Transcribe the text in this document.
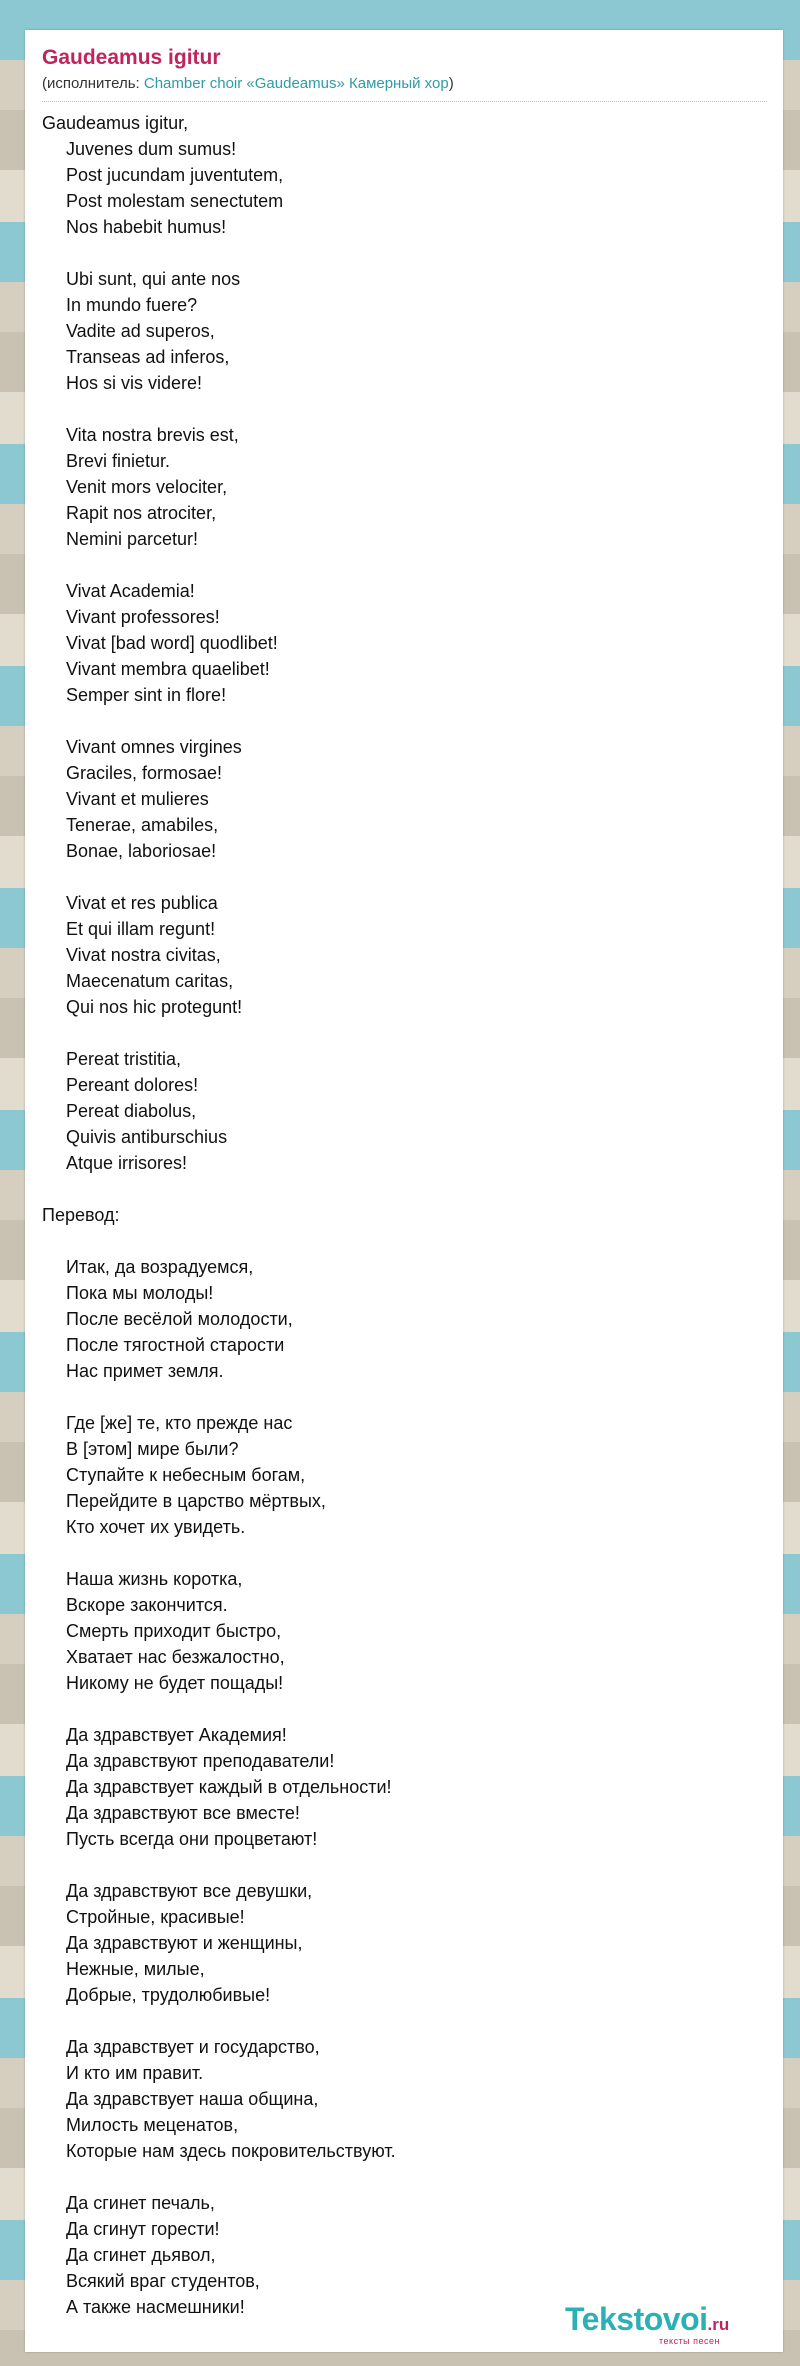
Gaudeamus igitur
(исполнитель: Chamber choir «Gaudeamus» Камерный хор)
Gaudeamus igitur,
Juvenes dum sumus!
Post jucundam juventutem,
Post molestam senectutem
Nos habebit humus!
Ubi sunt, qui ante nos
In mundo fuere?
Vadite ad superos,
Transeas ad inferos,
Hos si vis videre!
Vita nostra brevis est,
Brevi finietur.
Venit mors velociter,
Rapit nos atrociter,
Nemini parcetur!
Vivat Academia!
Vivant professores!
Vivat [bad word] quodlibet!
Vivant membra quaelibet!
Semper sint in flore!
Vivant omnes virgines
Graciles, formosae!
Vivant et mulieres
Tenerae, amabiles,
Bonae, laboriosae!
Vivat et res publica
Et qui illam regunt!
Vivat nostra civitas,
Maecenatum caritas,
Qui nos hic protegunt!
Pereat tristitia,
Pereant dolores!
Pereat diabolus,
Quivis antiburschius
Atque irrisores!
Перевод:
Итак, да возрадуемся,
Пока мы молоды!
После весёлой молодости,
После тягостной старости
Нас примет земля.
Где [же] те, кто прежде нас
В [этом] мире были?
Ступайте к небесным богам,
Перейдите в царство мёртвых,
Кто хочет их увидеть.
Наша жизнь коротка,
Вскоре закончится.
Смерть приходит быстро,
Хватает нас безжалостно,
Никому не будет пощады!
Да здравствует Академия!
Да здравствуют преподаватели!
Да здравствует каждый в отдельности!
Да здравствуют все вместе!
Пусть всегда они процветают!
Да здравствуют все девушки,
Стройные, красивые!
Да здравствуют и женщины,
Нежные, милые,
Добрые, трудолюбивые!
Да здравствует и государство,
И кто им правит.
Да здравствует наша община,
Милость меценатов,
Которые нам здесь покровительствуют.
Да сгинет печаль,
Да сгинут горести!
Да сгинет дьявол,
Всякий враг студентов,
А также насмешники!	Tekstovoi.ru
тексты песен
